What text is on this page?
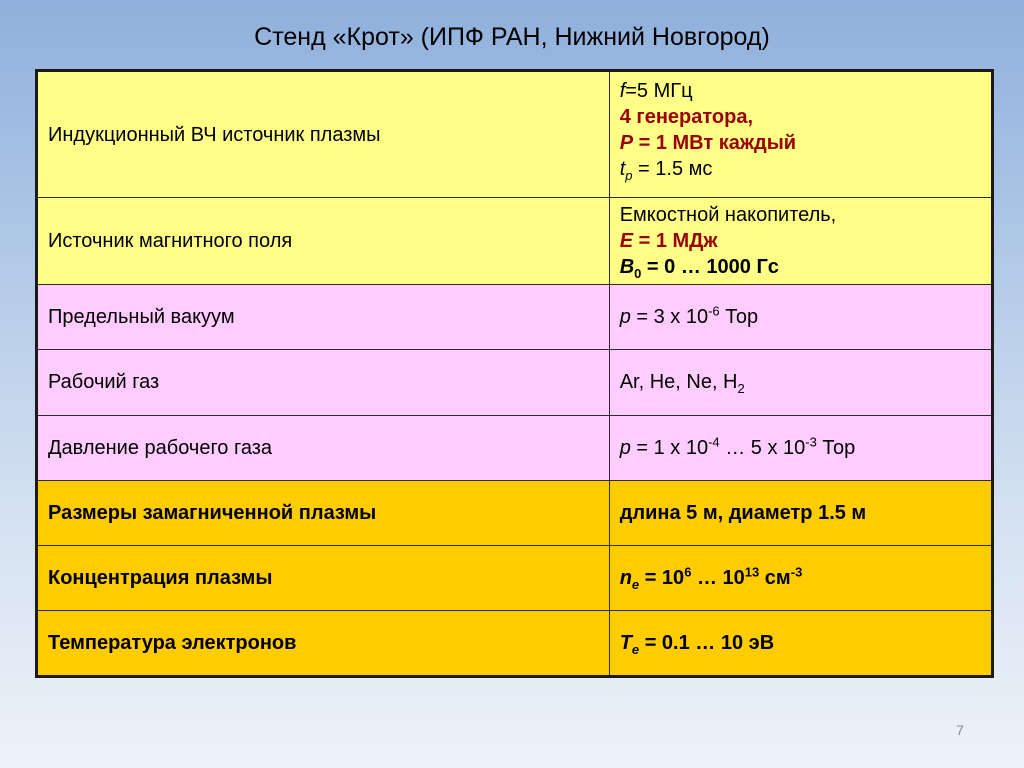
Стенд «Крот» (ИПФ РАН, Нижний Новгород)
Индукционный ВЧ источник плазмы	f=5 МГц
4 генератора,
P = 1 МВт каждый
$t_p = 1.5$ мс

Источник магнитного поля	Емкостной накопитель,
E = 1 МДж
$B_0 = 0$ … 1000 Гс

Предельный вакуум	p = 3 x $10^{-6}$ Тор
Рабочий газ	Ar, He, Ne, $H_2$
Давление рабочего газа	p = 1 x $10^{-4}$ … 5 x $10^{-3}$ Тор
Размеры замагниченной плазмы	длина 5 м, диаметр 1.5 м
Концентрация плазмы	$n_e = 10^6$ … $10^{13}$ $см^{-3}$
Температура электронов	$T_e = 0.1$ … 10 эВ
7
